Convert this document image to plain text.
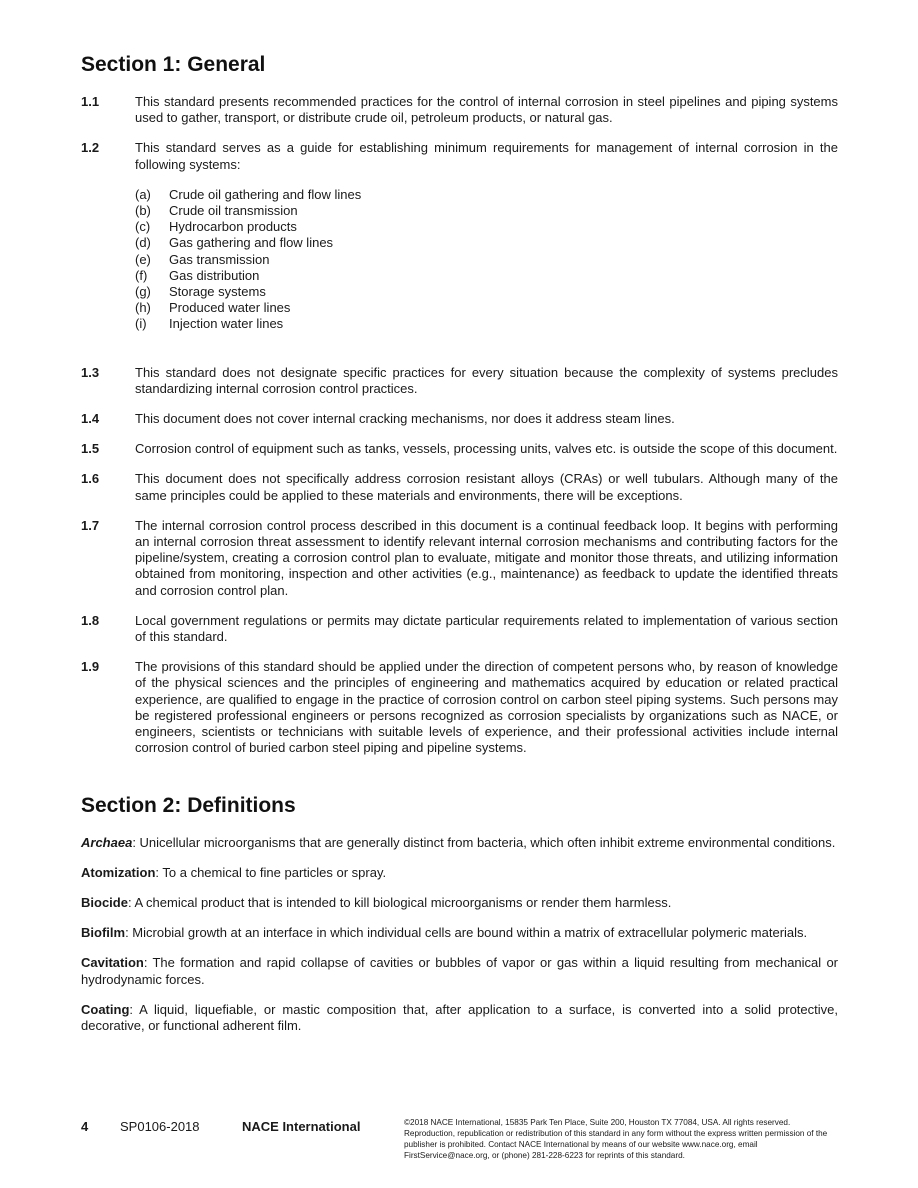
Section 1: General
1.1	This standard presents recommended practices for the control of internal corrosion in steel pipelines and piping systems used to gather, transport, or distribute crude oil, petroleum products, or natural gas.
1.2	This standard serves as a guide for establishing minimum requirements for management of internal corrosion in the following systems:
(a)	Crude oil gathering and flow lines
(b)	Crude oil transmission
(c)	Hydrocarbon products
(d)	Gas gathering and flow lines
(e)	Gas transmission
(f)	Gas distribution
(g)	Storage systems
(h)	Produced water lines
(i)	Injection water lines
1.3	This standard does not designate specific practices for every situation because the complexity of systems precludes standardizing internal corrosion control practices.
1.4	This document does not cover internal cracking mechanisms, nor does it address steam lines.
1.5	Corrosion control of equipment such as tanks, vessels, processing units, valves etc. is outside the scope of this document.
1.6	This document does not specifically address corrosion resistant alloys (CRAs) or well tubulars. Although many of the same principles could be applied to these materials and environments, there will be exceptions.
1.7	The internal corrosion control process described in this document is a continual feedback loop. It begins with performing an internal corrosion threat assessment to identify relevant internal corrosion mechanisms and contributing factors for the pipeline/system, creating a corrosion control plan to evaluate, mitigate and monitor those threats, and utilizing information obtained from monitoring, inspection and other activities (e.g., maintenance) as feedback to update the identified threats and corrosion control plan.
1.8	Local government regulations or permits may dictate particular requirements related to implementation of various section of this standard.
1.9	The provisions of this standard should be applied under the direction of competent persons who, by reason of knowledge of the physical sciences and the principles of engineering and mathematics acquired by education or related practical experience, are qualified to engage in the practice of corrosion control on carbon steel piping systems. Such persons may be registered professional engineers or persons recognized as corrosion specialists by organizations such as NACE, or engineers, scientists or technicians with suitable levels of experience, and their professional activities include internal corrosion control of buried carbon steel piping and pipeline systems.
Section 2: Definitions
Archaea: Unicellular microorganisms that are generally distinct from bacteria, which often inhibit extreme environmental conditions.
Atomization: To a chemical to fine particles or spray.
Biocide: A chemical product that is intended to kill biological microorganisms or render them harmless.
Biofilm: Microbial growth at an interface in which individual cells are bound within a matrix of extracellular polymeric materials.
Cavitation: The formation and rapid collapse of cavities or bubbles of vapor or gas within a liquid resulting from mechanical or hydrodynamic forces.
Coating: A liquid, liquefiable, or mastic composition that, after application to a surface, is converted into a solid protective, decorative, or functional adherent film.
4 SP0106-2018	NACE International	©2018 NACE International, 15835 Park Ten Place, Suite 200, Houston TX 77084, USA. All rights reserved. Reproduction, republication or redistribution of this standard in any form without the express written permission of the publisher is prohibited. Contact NACE International by means of our website www.nace.org, email FirstService@nace.org, or (phone) 281-228-6223 for reprints of this standard.
